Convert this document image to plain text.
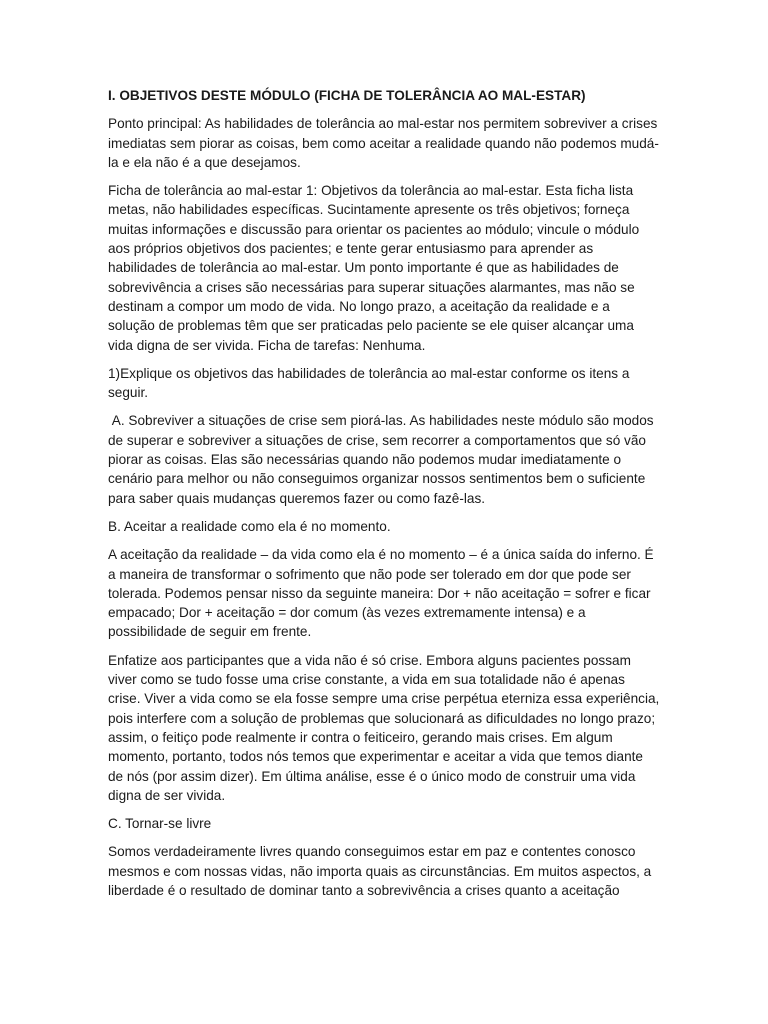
I. OBJETIVOS DESTE MÓDULO (FICHA DE TOLERÂNCIA AO MAL-ESTAR)

Ponto principal: As habilidades de tolerância ao mal-estar nos permitem sobreviver a crises imediatas sem piorar as coisas, bem como aceitar a realidade quando não podemos mudá-la e ela não é a que desejamos.

Ficha de tolerância ao mal-estar 1: Objetivos da tolerância ao mal-estar. Esta ficha lista metas, não habilidades específicas. Sucintamente apresente os três objetivos; forneça muitas informações e discussão para orientar os pacientes ao módulo; vincule o módulo aos próprios objetivos dos pacientes; e tente gerar entusiasmo para aprender as habilidades de tolerância ao mal-estar. Um ponto importante é que as habilidades de sobrevivência a crises são necessárias para superar situações alarmantes, mas não se destinam a compor um modo de vida. No longo prazo, a aceitação da realidade e a solução de problemas têm que ser praticadas pelo paciente se ele quiser alcançar uma vida digna de ser vivida. Ficha de tarefas: Nenhuma.

1)Explique os objetivos das habilidades de tolerância ao mal-estar conforme os itens a seguir.

A. Sobreviver a situações de crise sem piorá-las. As habilidades neste módulo são modos de superar e sobreviver a situações de crise, sem recorrer a comportamentos que só vão piorar as coisas. Elas são necessárias quando não podemos mudar imediatamente o cenário para melhor ou não conseguimos organizar nossos sentimentos bem o suficiente para saber quais mudanças queremos fazer ou como fazê-las.

B. Aceitar a realidade como ela é no momento.

A aceitação da realidade – da vida como ela é no momento – é a única saída do inferno. É a maneira de transformar o sofrimento que não pode ser tolerado em dor que pode ser tolerada. Podemos pensar nisso da seguinte maneira: Dor + não aceitação = sofrer e ficar empacado; Dor + aceitação = dor comum (às vezes extremamente intensa) e a possibilidade de seguir em frente.

Enfatize aos participantes que a vida não é só crise. Embora alguns pacientes possam viver como se tudo fosse uma crise constante, a vida em sua totalidade não é apenas crise. Viver a vida como se ela fosse sempre uma crise perpétua eterniza essa experiência, pois interfere com a solução de problemas que solucionará as dificuldades no longo prazo; assim, o feitiço pode realmente ir contra o feiticeiro, gerando mais crises. Em algum momento, portanto, todos nós temos que experimentar e aceitar a vida que temos diante de nós (por assim dizer). Em última análise, esse é o único modo de construir uma vida digna de ser vivida.

C. Tornar-se livre

Somos verdadeiramente livres quando conseguimos estar em paz e contentes conosco mesmos e com nossas vidas, não importa quais as circunstâncias. Em muitos aspectos, a liberdade é o resultado de dominar tanto a sobrevivência a crises quanto a aceitação
